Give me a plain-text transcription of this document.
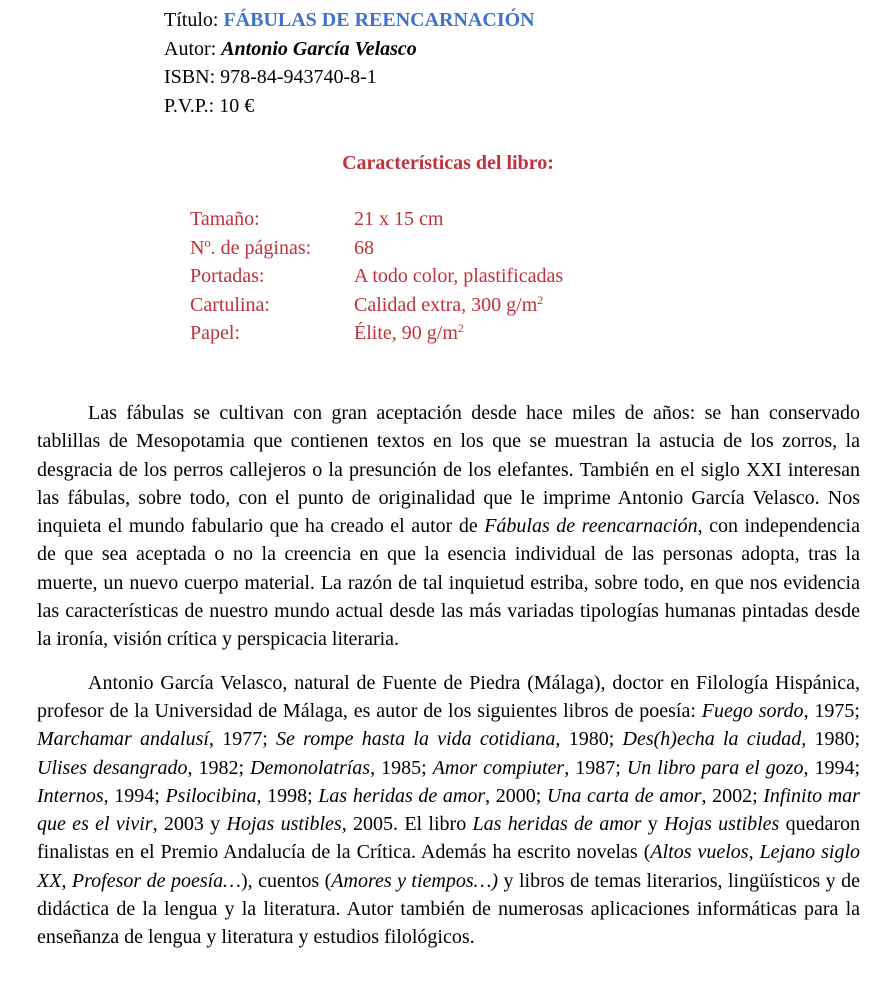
Título: FÁBULAS DE REENCARNACIÓN
Autor: Antonio García Velasco
ISBN: 978-84-943740-8-1
P.V.P.: 10 €
Características del libro:
Tamaño:	21 x 15 cm
Nº. de páginas:	68
Portadas:	A todo color, plastificadas
Cartulina:	Calidad extra, 300 $g/m^2$
Papel:	Élite, 90 $g/m^2$

Las fábulas se cultivan con gran aceptación desde hace miles de años: se han conservado tablillas de Mesopotamia que contienen textos en los que se muestran la astucia de los zorros, la desgracia de los perros callejeros o la presunción de los elefantes. También en el siglo XXI interesan las fábulas, sobre todo, con el punto de originalidad que le imprime Antonio García Velasco. Nos inquieta el mundo fabulario que ha creado el autor de Fábulas de reencarnación, con independencia de que sea aceptada o no la creencia en que la esencia individual de las personas adopta, tras la muerte, un nuevo cuerpo material. La razón de tal inquietud estriba, sobre todo, en que nos evidencia las características de nuestro mundo actual desde las más variadas tipologías humanas pintadas desde la ironía, visión crítica y perspicacia literaria.

Antonio García Velasco, natural de Fuente de Piedra (Málaga), doctor en Filología Hispánica, profesor de la Universidad de Málaga, es autor de los siguientes libros de poesía: Fuego sordo, 1975; Marchamar andalusí, 1977; Se rompe hasta la vida cotidiana, 1980; Des(h)echa la ciudad, 1980; Ulises desangrado, 1982; Demonolatrías, 1985; Amor compiuter, 1987; Un libro para el gozo, 1994; Internos, 1994; Psilocibina, 1998; Las heridas de amor, 2000; Una carta de amor, 2002; Infinito mar que es el vivir, 2003 y Hojas ustibles, 2005. El libro Las heridas de amor y Hojas ustibles quedaron finalistas en el Premio Andalucía de la Crítica. Además ha escrito novelas (Altos vuelos, Lejano siglo XX, Profesor de poesía…), cuentos (Amores y tiempos…) y libros de temas literarios, lingüísticos y de didáctica de la lengua y la literatura. Autor también de numerosas aplicaciones informáticas para la enseñanza de lengua y literatura y estudios filológicos.
